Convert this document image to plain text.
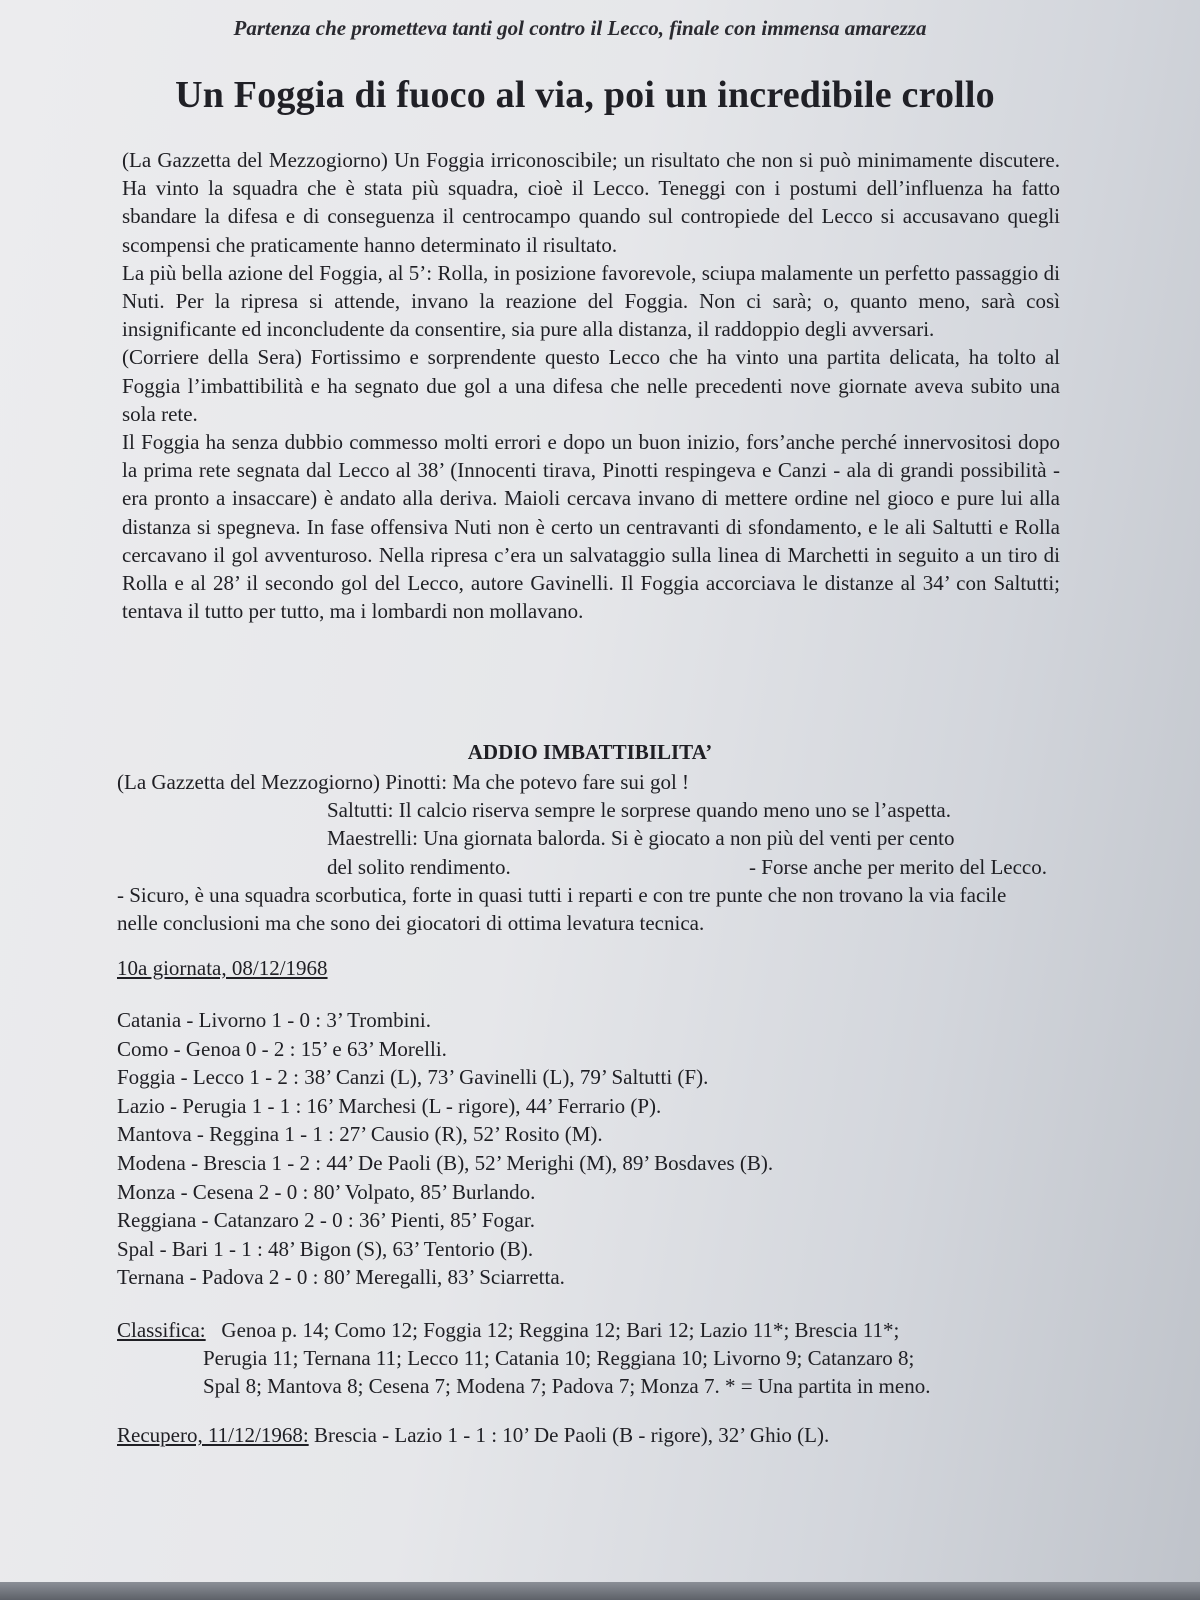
Partenza che prometteva tanti gol contro il Lecco, finale con immensa amarezza
Un Foggia di fuoco al via, poi un incredibile crollo

(La Gazzetta del Mezzogiorno) Un Foggia irriconoscibile; un risultato che non si può minimamente discutere. Ha vinto la squadra che è stata più squadra, cioè il Lecco. Teneggi con i postumi dell’influenza ha fatto sbandare la difesa e di conseguenza il centrocampo quando sul contropiede del Lecco si accusavano quegli scompensi che praticamente hanno determinato il risultato.

La più bella azione del Foggia, al 5’: Rolla, in posizione favorevole, sciupa malamente un perfetto passaggio di Nuti. Per la ripresa si attende, invano la reazione del Foggia. Non ci sarà; o, quanto meno, sarà così insignificante ed inconcludente da consentire, sia pure alla distanza, il raddoppio degli avversari.

(Corriere della Sera) Fortissimo e sorprendente questo Lecco che ha vinto una partita delicata, ha tolto al Foggia l’imbattibilità e ha segnato due gol a una difesa che nelle precedenti nove giornate aveva subito una sola rete.

Il Foggia ha senza dubbio commesso molti errori e dopo un buon inizio, fors’anche perché innervositosi dopo la prima rete segnata dal Lecco al 38’ (Innocenti tirava, Pinotti respingeva e Canzi - ala di grandi possibilità - era pronto a insaccare) è andato alla deriva. Maioli cercava invano di mettere ordine nel gioco e pure lui alla distanza si spegneva. In fase offensiva Nuti non è certo un centravanti di sfondamento, e le ali Saltutti e Rolla cercavano il gol avventuroso. Nella ripresa c’era un salvataggio sulla linea di Marchetti in seguito a un tiro di Rolla e al 28’ il secondo gol del Lecco, autore Gavinelli. Il Foggia accorciava le distanze al 34’ con Saltutti; tentava il tutto per tutto, ma i lombardi non mollavano.

ADDIO IMBATTIBILITA’

(La Gazzetta del Mezzogiorno) Pinotti: Ma che potevo fare sui gol !

Saltutti: Il calcio riserva sempre le sorprese quando meno uno se l’aspetta.

Maestrelli: Una giornata balorda. Si è giocato a non più del venti per cento

del solito rendimento.	- Forse anche per merito del Lecco.

- Sicuro, è una squadra scorbutica, forte in quasi tutti i reparti e con tre punte che non trovano la via facile nelle conclusioni ma che sono dei giocatori di ottima levatura tecnica.

10a giornata, 08/12/1968
Catania - Livorno 1 - 0 : 3’ Trombini.
Como - Genoa 0 - 2 : 15’ e 63’ Morelli.
Foggia - Lecco 1 - 2 : 38’ Canzi (L), 73’ Gavinelli (L), 79’ Saltutti (F).
Lazio - Perugia 1 - 1 : 16’ Marchesi (L - rigore), 44’ Ferrario (P).
Mantova - Reggina 1 - 1 : 27’ Causio (R), 52’ Rosito (M).
Modena - Brescia 1 - 2 : 44’ De Paoli (B), 52’ Merighi (M), 89’ Bosdaves (B).
Monza - Cesena 2 - 0 : 80’ Volpato, 85’ Burlando.
Reggiana - Catanzaro 2 - 0 : 36’ Pienti, 85’ Fogar.
Spal - Bari 1 - 1 : 48’ Bigon (S), 63’ Tentorio (B).
Ternana - Padova 2 - 0 : 80’ Meregalli, 83’ Sciarretta.
Classifica: Genoa p. 14; Como 12; Foggia 12; Reggina 12; Bari 12; Lazio 11*; Brescia 11*;
Perugia 11; Ternana 11; Lecco 11; Catania 10; Reggiana 10; Livorno 9; Catanzaro 8;
Spal 8; Mantova 8; Cesena 7; Modena 7; Padova 7; Monza 7. * = Una partita in meno.
Recupero, 11/12/1968: Brescia - Lazio 1 - 1 : 10’ De Paoli (B - rigore), 32’ Ghio (L).
